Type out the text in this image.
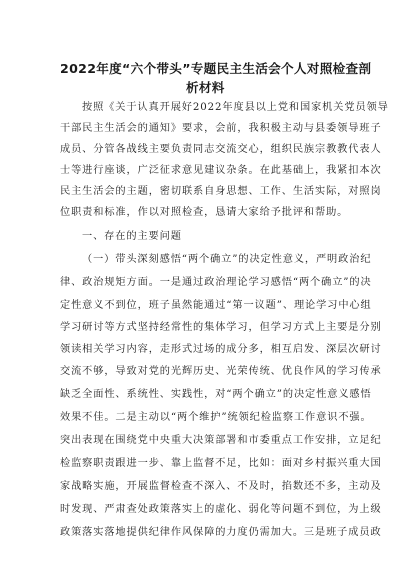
2022年度“六个带头”专题民主生活会个人对照检查剖
析材料
按照《关于认真开展好2022年度县以上党和国家机关党员领导
干部民主生活会的通知》要求，会前，我积极主动与县委领导班子
成员、分管各战线主要负责同志交流交心，组织民族宗教教代表人
士等进行座谈，广泛征求意见建议杂条。在此基础上，我紧扣本次
民主生活会的主题，密切联系自身思想、工作、生活实际，对照岗
位职责和标准，作以对照检查，恳请大家给予批评和帮助。
一、存在的主要问题
（一）带头深刻感悟“两个确立”的决定性意义，严明政治纪
律、政治规矩方面。一是通过政治理论学习感悟“两个确立”的决
定性意义不到位，班子虽然能通过“第一议题”、理论学习中心组
学习研讨等方式坚持经常性的集体学习，但学习方式上主要是分别
领读相关学习内容，走形式过场的成分多，相互启发、深层次研讨
交流不够，导致对党的光辉历史、光荣传统、优良作风的学习传承
缺乏全面性、系统性、实践性，对“两个确立”的决定性意义感悟
效果不佳。二是主动以“两个维护”统领纪检监察工作意识不强。
突出表现在围绕党中央重大决策部署和市委重点工作安排，立足纪
检监察职责跟进一步、靠上监督不足，比如：面对乡村振兴重大国
家战略实施，开展监督检查不深入、不及时，掐数还不多，主动及
时发现、严肃查处政策落实上的虚化、弱化等问题不到位，为上级
政策落实落地提供纪律作风保障的力度仍需加大。三是班子成员政
